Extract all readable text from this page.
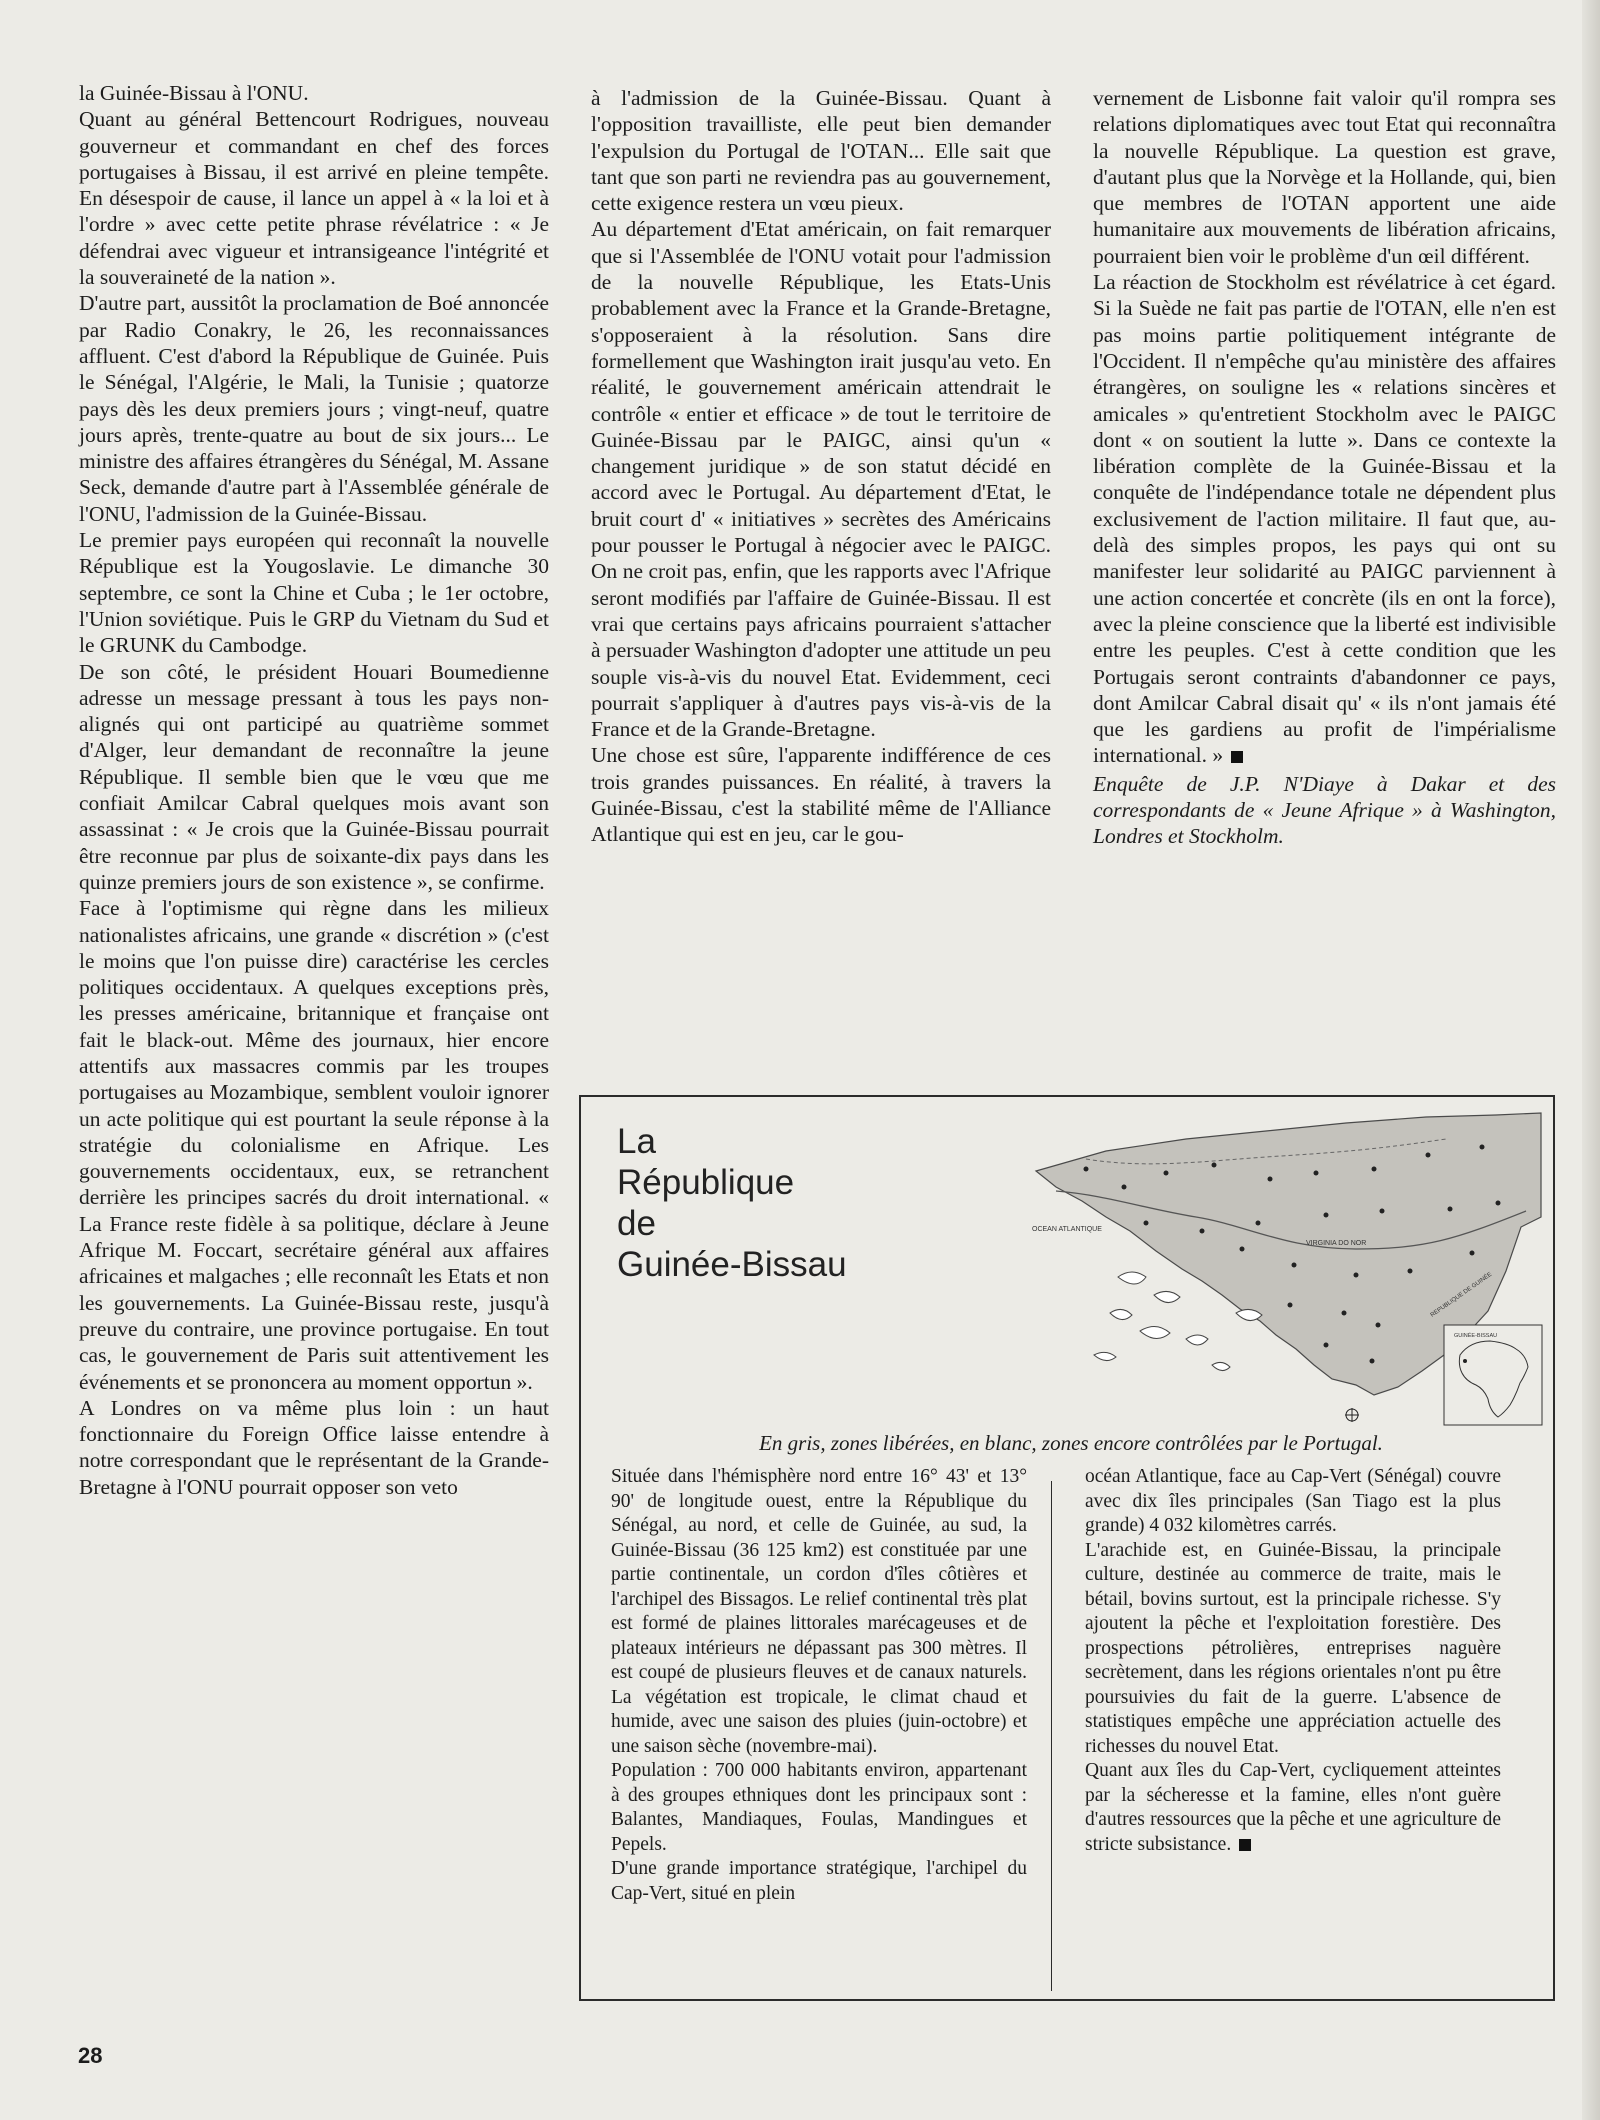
la Guinée-Bissau à l'ONU.

Quant au général Bettencourt Rodrigues, nouveau gouverneur et commandant en chef des forces portugaises à Bissau, il est arrivé en pleine tempête. En désespoir de cause, il lance un appel à « la loi et à l'ordre » avec cette petite phrase révélatrice : « Je défendrai avec vigueur et intransigeance l'intégrité et la souveraineté de la nation ».

D'autre part, aussitôt la proclamation de Boé annoncée par Radio Conakry, le 26, les reconnaissances affluent. C'est d'abord la République de Guinée. Puis le Sénégal, l'Algérie, le Mali, la Tunisie ; quatorze pays dès les deux premiers jours ; vingt-neuf, quatre jours après, trente-quatre au bout de six jours... Le ministre des affaires étrangères du Sénégal, M. Assane Seck, demande d'autre part à l'Assemblée générale de l'ONU, l'admission de la Guinée-Bissau.

Le premier pays européen qui reconnaît la nouvelle République est la Yougoslavie. Le dimanche 30 septembre, ce sont la Chine et Cuba ; le 1er octobre, l'Union soviétique. Puis le GRP du Vietnam du Sud et le GRUNK du Cambodge.

De son côté, le président Houari Boumedienne adresse un message pressant à tous les pays non-alignés qui ont participé au quatrième sommet d'Alger, leur demandant de reconnaître la jeune République. Il semble bien que le vœu que me confiait Amilcar Cabral quelques mois avant son assassinat : « Je crois que la Guinée-Bissau pourrait être reconnue par plus de soixante-dix pays dans les quinze premiers jours de son existence », se confirme.

Face à l'optimisme qui règne dans les milieux nationalistes africains, une grande « discrétion » (c'est le moins que l'on puisse dire) caractérise les cercles politiques occidentaux. A quelques exceptions près, les presses américaine, britannique et française ont fait le black-out. Même des journaux, hier encore attentifs aux massacres commis par les troupes portugaises au Mozambique, semblent vouloir ignorer un acte politique qui est pourtant la seule réponse à la stratégie du colonialisme en Afrique. Les gouvernements occidentaux, eux, se retranchent derrière les principes sacrés du droit international. « La France reste fidèle à sa politique, déclare à Jeune Afrique M. Foccart, secrétaire général aux affaires africaines et malgaches ; elle reconnaît les Etats et non les gouvernements. La Guinée-Bissau reste, jusqu'à preuve du contraire, une province portugaise. En tout cas, le gouvernement de Paris suit attentivement les événements et se prononcera au moment opportun ».

A Londres on va même plus loin : un haut fonctionnaire du Foreign Office laisse entendre à notre correspondant que le représentant de la Grande-Bretagne à l'ONU pourrait opposer son veto

à l'admission de la Guinée-Bissau. Quant à l'opposition travailliste, elle peut bien demander l'expulsion du Portugal de l'OTAN... Elle sait que tant que son parti ne reviendra pas au gouvernement, cette exigence restera un vœu pieux.

Au département d'Etat américain, on fait remarquer que si l'Assemblée de l'ONU votait pour l'admission de la nouvelle République, les Etats-Unis probablement avec la France et la Grande-Bretagne, s'opposeraient à la résolution. Sans dire formellement que Washington irait jusqu'au veto. En réalité, le gouvernement américain attendrait le contrôle « entier et efficace » de tout le territoire de Guinée-Bissau par le PAIGC, ainsi qu'un « changement juridique » de son statut décidé en accord avec le Portugal. Au département d'Etat, le bruit court d' « initiatives » secrètes des Américains pour pousser le Portugal à négocier avec le PAIGC. On ne croit pas, enfin, que les rapports avec l'Afrique seront modifiés par l'affaire de Guinée-Bissau. Il est vrai que certains pays africains pourraient s'attacher à persuader Washington d'adopter une attitude un peu souple vis-à-vis du nouvel Etat. Evidemment, ceci pourrait s'appliquer à d'autres pays vis-à-vis de la France et de la Grande-Bretagne.

Une chose est sûre, l'apparente indifférence de ces trois grandes puissances. En réalité, à travers la Guinée-Bissau, c'est la stabilité même de l'Alliance Atlantique qui est en jeu, car le gou-

vernement de Lisbonne fait valoir qu'il rompra ses relations diplomatiques avec tout Etat qui reconnaîtra la nouvelle République. La question est grave, d'autant plus que la Norvège et la Hollande, qui, bien que membres de l'OTAN apportent une aide humanitaire aux mouvements de libération africains, pourraient bien voir le problème d'un œil différent.

La réaction de Stockholm est révélatrice à cet égard. Si la Suède ne fait pas partie de l'OTAN, elle n'en est pas moins partie politiquement intégrante de l'Occident. Il n'empêche qu'au ministère des affaires étrangères, on souligne les « relations sincères et amicales » qu'entretient Stockholm avec le PAIGC dont « on soutient la lutte ». Dans ce contexte la libération complète de la Guinée-Bissau et la conquête de l'indépendance totale ne dépendent plus exclusivement de l'action militaire. Il faut que, au-delà des simples propos, les pays qui ont su manifester leur solidarité au PAIGC parviennent à une action concertée et concrète (ils en ont la force), avec la pleine conscience que la liberté est indivisible entre les peuples. C'est à cette condition que les Portugais seront contraints d'abandonner ce pays, dont Amilcar Cabral disait qu' « ils n'ont jamais été que les gardiens au profit de l'impérialisme international. »

Enquête de J.P. N'Diaye à Dakar et des correspondants de « Jeune Afrique » à Washington, Londres et Stockholm.

La
République
de
Guinée-Bissau
OCEAN ATLANTIQUE
VIRGINIA DO NOR
REPUBLIQUE DE GUINÉE
GUINÉE-BISSAU
En gris, zones libérées, en blanc, zones encore contrôlées par le Portugal.

Située dans l'hémisphère nord entre 16° 43' et 13° 90' de longitude ouest, entre la République du Sénégal, au nord, et celle de Guinée, au sud, la Guinée-Bissau (36 125 km2) est constituée par une partie continentale, un cordon d'îles côtières et l'archipel des Bissagos. Le relief continental très plat est formé de plaines littorales marécageuses et de plateaux intérieurs ne dépassant pas 300 mètres. Il est coupé de plusieurs fleuves et de canaux naturels. La végétation est tropicale, le climat chaud et humide, avec une saison des pluies (juin-octobre) et une saison sèche (novembre-mai).

Population : 700 000 habitants environ, appartenant à des groupes ethniques dont les principaux sont : Balantes, Mandiaques, Foulas, Mandingues et Pepels.

D'une grande importance stratégique, l'archipel du Cap-Vert, situé en plein

océan Atlantique, face au Cap-Vert (Sénégal) couvre avec dix îles principales (San Tiago est la plus grande) 4 032 kilomètres carrés.

L'arachide est, en Guinée-Bissau, la principale culture, destinée au commerce de traite, mais le bétail, bovins surtout, est la principale richesse. S'y ajoutent la pêche et l'exploitation forestière. Des prospections pétrolières, entreprises naguère secrètement, dans les régions orientales n'ont pu être poursuivies du fait de la guerre. L'absence de statistiques empêche une appréciation actuelle des richesses du nouvel Etat.

Quant aux îles du Cap-Vert, cycliquement atteintes par la sécheresse et la famine, elles n'ont guère d'autres ressources que la pêche et une agriculture de stricte subsistance.

28
